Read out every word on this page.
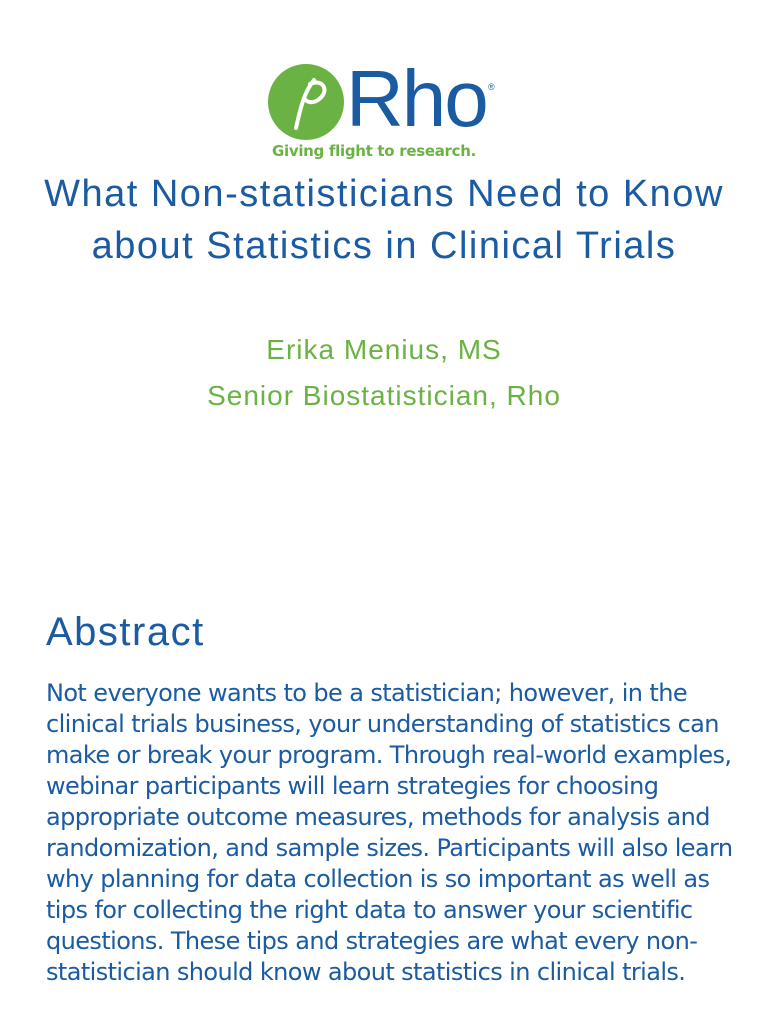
Rho ®
Giving flight to research.
What Non-statisticians Need to Know about Statistics in Clinical Trials
Erika Menius, MS
Senior Biostatistician, Rho
Abstract

Not everyone wants to be a statistician; however, in the clinical trials business, your understanding of statistics can make or break your program. Through real-world examples, webinar participants will learn strategies for choosing appropriate outcome measures, methods for analysis and randomization, and sample sizes. Participants will also learn why planning for data collection is so important as well as tips for collecting the right data to answer your scientific questions. These tips and strategies are what every non-statistician should know about statistics in clinical trials.
